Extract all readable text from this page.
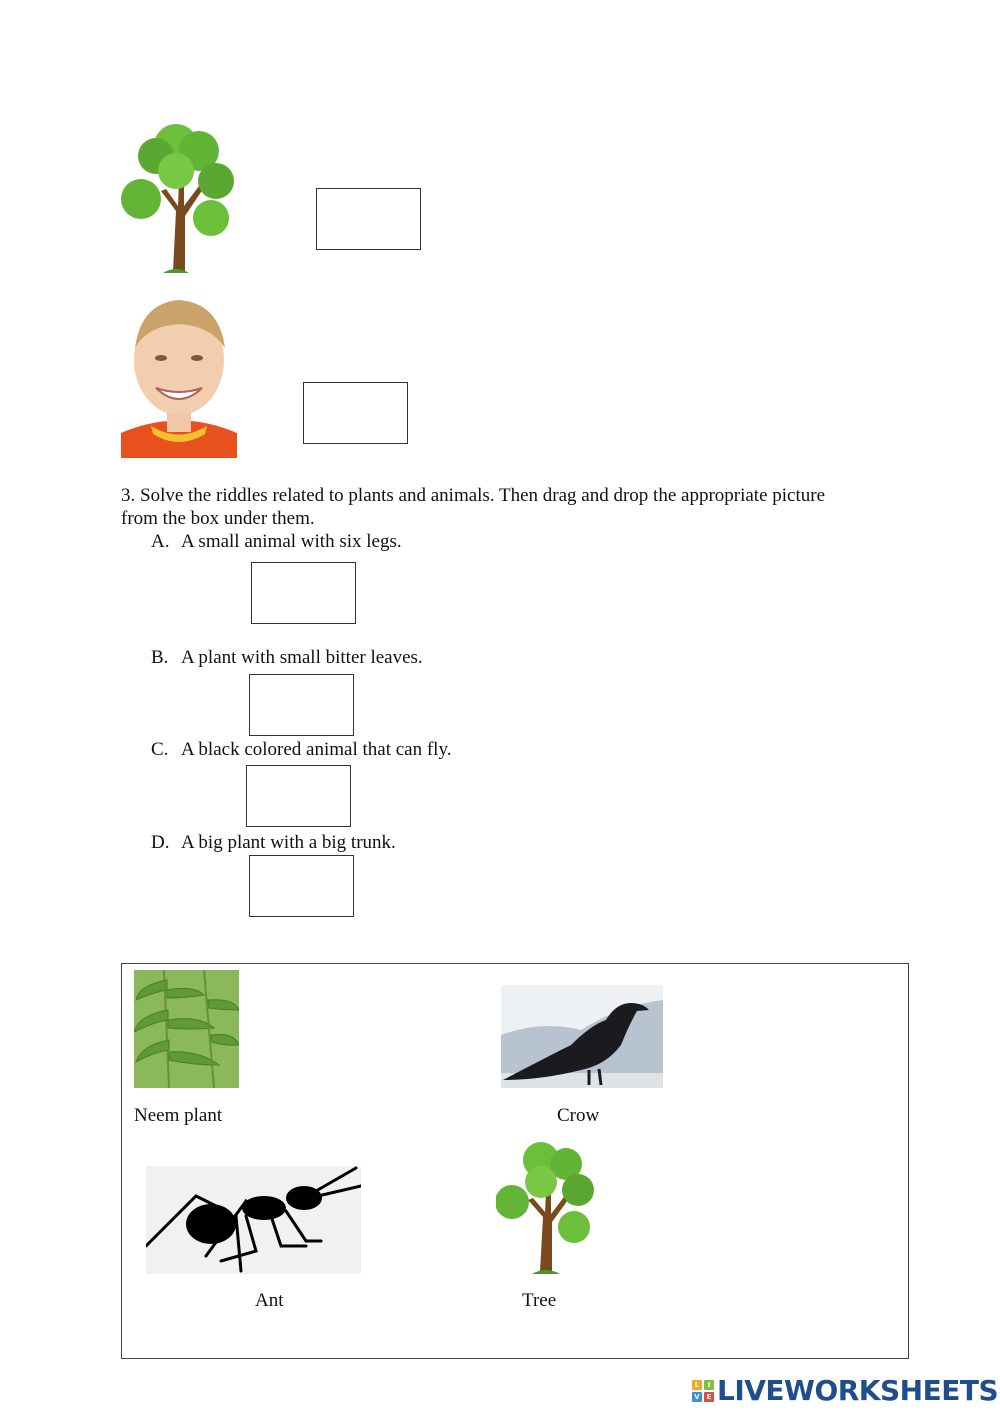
3. Solve the riddles related to plants and animals. Then drag and drop the appropriate picture
from the box under them.
A. A small animal with six legs.
B. A plant with small bitter leaves.
C. A black colored animal that can fly.
D. A big plant with a big trunk.
Neem plant	Crow
Ant	Tree
L	I
V E LIVEWORKSHEETS
